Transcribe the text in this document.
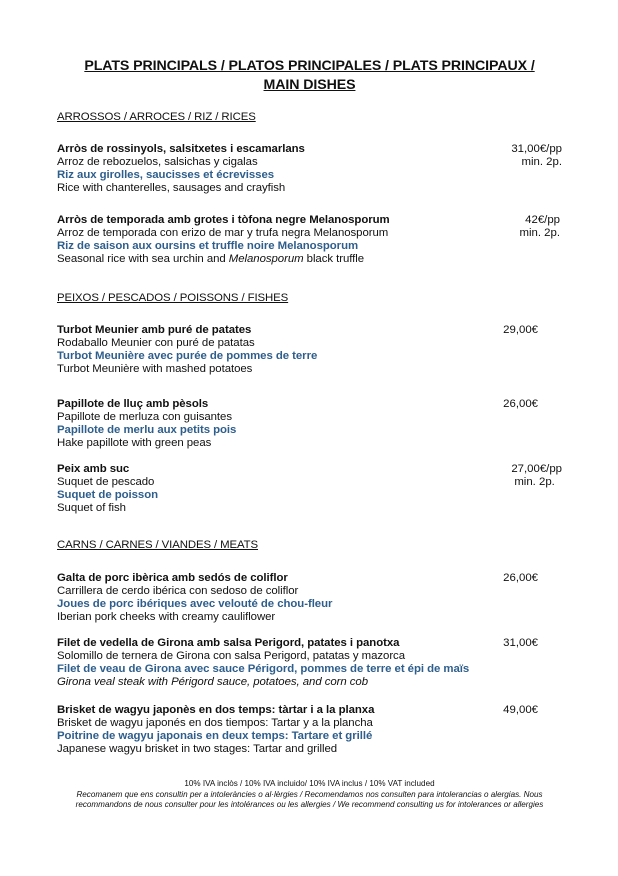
PLATS PRINCIPALS / PLATOS PRINCIPALES / PLATS PRINCIPAUX /
MAIN DISHES
ARROSSOS / ARROCES / RIZ / RICES
Arròs de rossinyols, salsitxetes i escamarlans
Arroz de rebozuelos, salsichas y cigalas
Riz aux girolles, saucisses et écrevisses
Rice with chanterelles, sausages and crayfish
31,00€/pp
min. 2p.
Arròs de temporada amb grotes i tòfona negre Melanosporum
Arroz de temporada con erizo de mar y trufa negra Melanosporum
Riz de saison aux oursins et truffle noire Melanosporum
Seasonal rice with sea urchin and Melanosporum black truffle
42€/pp
min. 2p.
PEIXOS / PESCADOS / POISSONS / FISHES
Turbot Meunier amb puré de patates
Rodaballo Meunier con puré de patatas
Turbot Meunière avec purée de pommes de terre
Turbot Meunière with mashed potatoes
29,00€
Papillote de lluç amb pèsols
Papillote de merluza con guisantes
Papillote de merlu aux petits pois
Hake papillote with green peas
26,00€
Peix amb suc
Suquet de pescado
Suquet de poisson
Suquet of fish
27,00€/pp
min. 2p.
CARNS / CARNES / VIANDES / MEATS
Galta de porc ibèrica amb sedós de coliflor
Carrillera de cerdo ibérica con sedoso de coliflor
Joues de porc ibériques avec velouté de chou-fleur
Iberian pork cheeks with creamy cauliflower
26,00€
Filet de vedella de Girona amb salsa Perigord, patates i panotxa
Solomillo de ternera de Girona con salsa Perigord, patatas y mazorca
Filet de veau de Girona avec sauce Périgord, pommes de terre et épi de maïs
Girona veal steak with Périgord sauce, potatoes, and corn cob
31,00€
Brisket de wagyu japonès en dos temps: tàrtar i a la planxa
Brisket de wagyu japonés en dos tiempos: Tartar y a la plancha
Poitrine de wagyu japonais en deux temps: Tartare et grillé
Japanese wagyu brisket in two stages: Tartar and grilled
49,00€
10% IVA inclòs / 10% IVA incluido/ 10% IVA inclus / 10% VAT included
Recomanem que ens consultin per a intoleràncies o al·lèrgies / Recomendamos nos consulten para intolerancias o alergias. Nous
recommandons de nous consulter pour les intolérances ou les allergies / We recommend consulting us for intolerances or allergies
